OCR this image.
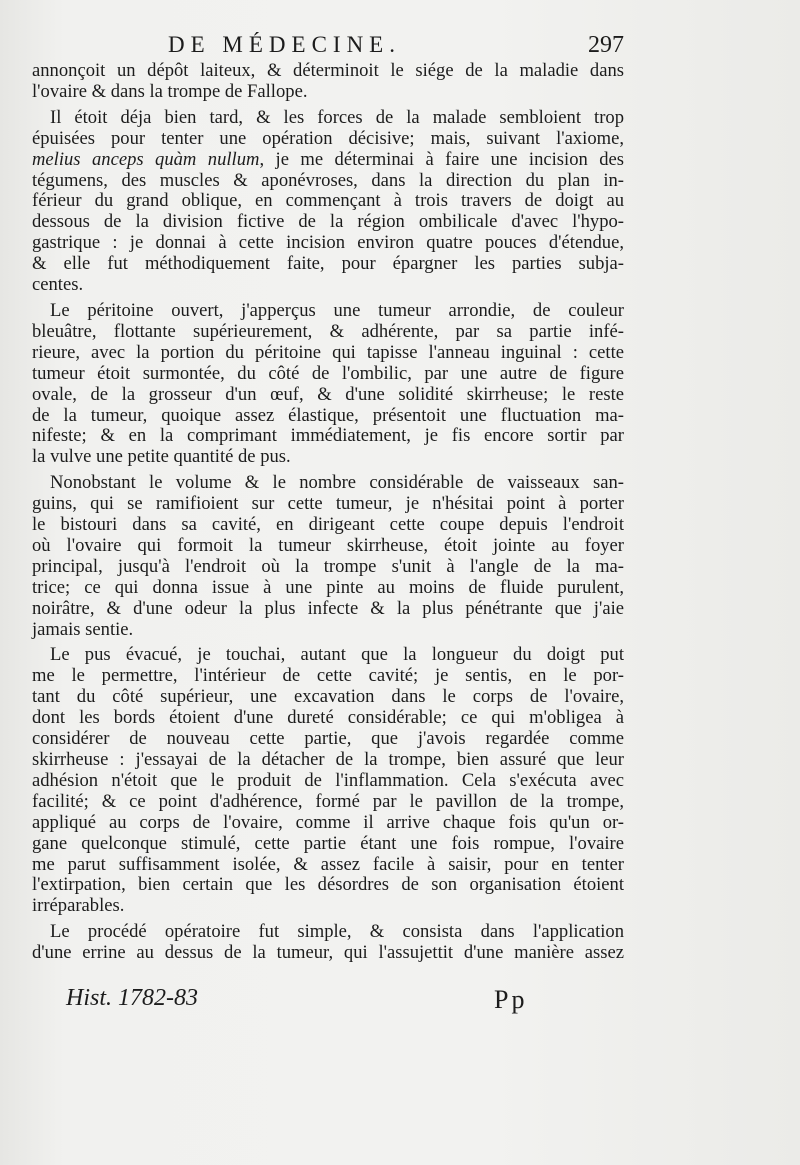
DE MÉDECINE.	297
annonçoit un dépôt laiteux, & déterminoit le siége de la maladie dans
l'ovaire & dans la trompe de Fallope.
Il étoit déja bien tard, & les forces de la malade sembloient trop
épuisées pour tenter une opération décisive; mais, suivant l'axiome,
melius anceps quàm nullum, je me déterminai à faire une incision des
tégumens, des muscles & aponévroses, dans la direction du plan in-
férieur du grand oblique, en commençant à trois travers de doigt au
dessous de la division fictive de la région ombilicale d'avec l'hypo-
gastrique : je donnai à cette incision environ quatre pouces d'étendue,
& elle fut méthodiquement faite, pour épargner les parties subja-
centes.
Le péritoine ouvert, j'apperçus une tumeur arrondie, de couleur
bleuâtre, flottante supérieurement, & adhérente, par sa partie infé-
rieure, avec la portion du péritoine qui tapisse l'anneau inguinal : cette
tumeur étoit surmontée, du côté de l'ombilic, par une autre de figure
ovale, de la grosseur d'un œuf, & d'une solidité skirrheuse; le reste
de la tumeur, quoique assez élastique, présentoit une fluctuation ma-
nifeste; & en la comprimant immédiatement, je fis encore sortir par
la vulve une petite quantité de pus.
Nonobstant le volume & le nombre considérable de vaisseaux san-
guins, qui se ramifioient sur cette tumeur, je n'hésitai point à porter
le bistouri dans sa cavité, en dirigeant cette coupe depuis l'endroit
où l'ovaire qui formoit la tumeur skirrheuse, étoit jointe au foyer
principal, jusqu'à l'endroit où la trompe s'unit à l'angle de la ma-
trice; ce qui donna issue à une pinte au moins de fluide purulent,
noirâtre, & d'une odeur la plus infecte & la plus pénétrante que j'aie
jamais sentie.
Le pus évacué, je touchai, autant que la longueur du doigt put
me le permettre, l'intérieur de cette cavité; je sentis, en le por-
tant du côté supérieur, une excavation dans le corps de l'ovaire,
dont les bords étoient d'une dureté considérable; ce qui m'obligea à
considérer de nouveau cette partie, que j'avois regardée comme
skirrheuse : j'essayai de la détacher de la trompe, bien assuré que leur
adhésion n'étoit que le produit de l'inflammation. Cela s'exécuta avec
facilité; & ce point d'adhérence, formé par le pavillon de la trompe,
appliqué au corps de l'ovaire, comme il arrive chaque fois qu'un or-
gane quelconque stimulé, cette partie étant une fois rompue, l'ovaire
me parut suffisamment isolée, & assez facile à saisir, pour en tenter
l'extirpation, bien certain que les désordres de son organisation étoient
irréparables.
Le procédé opératoire fut simple, & consista dans l'application
d'une errine au dessus de la tumeur, qui l'assujettit d'une manière assez
Hist. 1782-83	Pp
